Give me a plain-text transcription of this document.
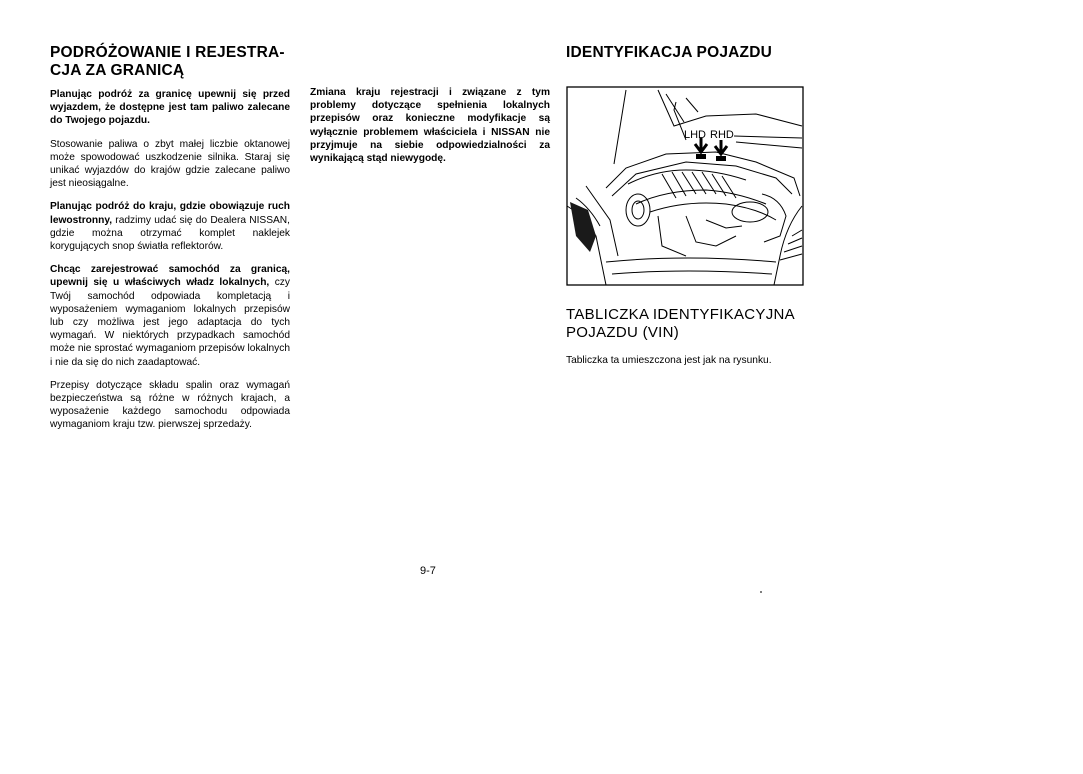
PODRÓŻOWANIE I REJESTRA-
CJA ZA GRANICĄ

Planując podróż za granicę upewnij się przed wyjazdem, że dostępne jest tam paliwo zalecane do Twojego pojazdu.

Stosowanie paliwa o zbyt małej liczbie oktanowej może spowodować uszkodzenie silnika. Staraj się unikać wyjazdów do krajów gdzie zalecane paliwo jest nieosiągalne.

Planując podróż do kraju, gdzie obowiązuje ruch lewostronny, radzimy udać się do Dealera NISSAN, gdzie można otrzymać komplet naklejek korygujących snop światła reflektorów.

Chcąc zarejestrować samochód za granicą, upewnij się u właściwych władz lokalnych, czy Twój samochód odpowiada kompletacją i wyposażeniem wymaganiom lokalnych przepisów lub czy możliwa jest jego adaptacja do tych wymagań. W niektórych przypadkach samochód może nie sprostać wymaganiom przepisów lokalnych i nie da się do nich zaadaptować.

Przepisy dotyczące składu spalin oraz wymagań bezpieczeństwa są różne w różnych krajach, a wyposażenie każdego samochodu odpowiada wymaganiom kraju tzw. pierwszej sprzedaży.

Zmiana kraju rejestracji i związane z tym problemy dotyczące spełnienia lokalnych przepisów oraz konieczne modyfikacje są wyłącznie problemem właściciela i NISSAN nie przyjmuje na siebie odpowiedzialności za wynikającą stąd niewygodę.

IDENTYFIKACJA POJAZDU
LHD RHD
TABLICZKA IDENTYFIKACYJNA
POJAZDU (VIN)

Tabliczka ta umieszczona jest jak na rysunku.

9-7
